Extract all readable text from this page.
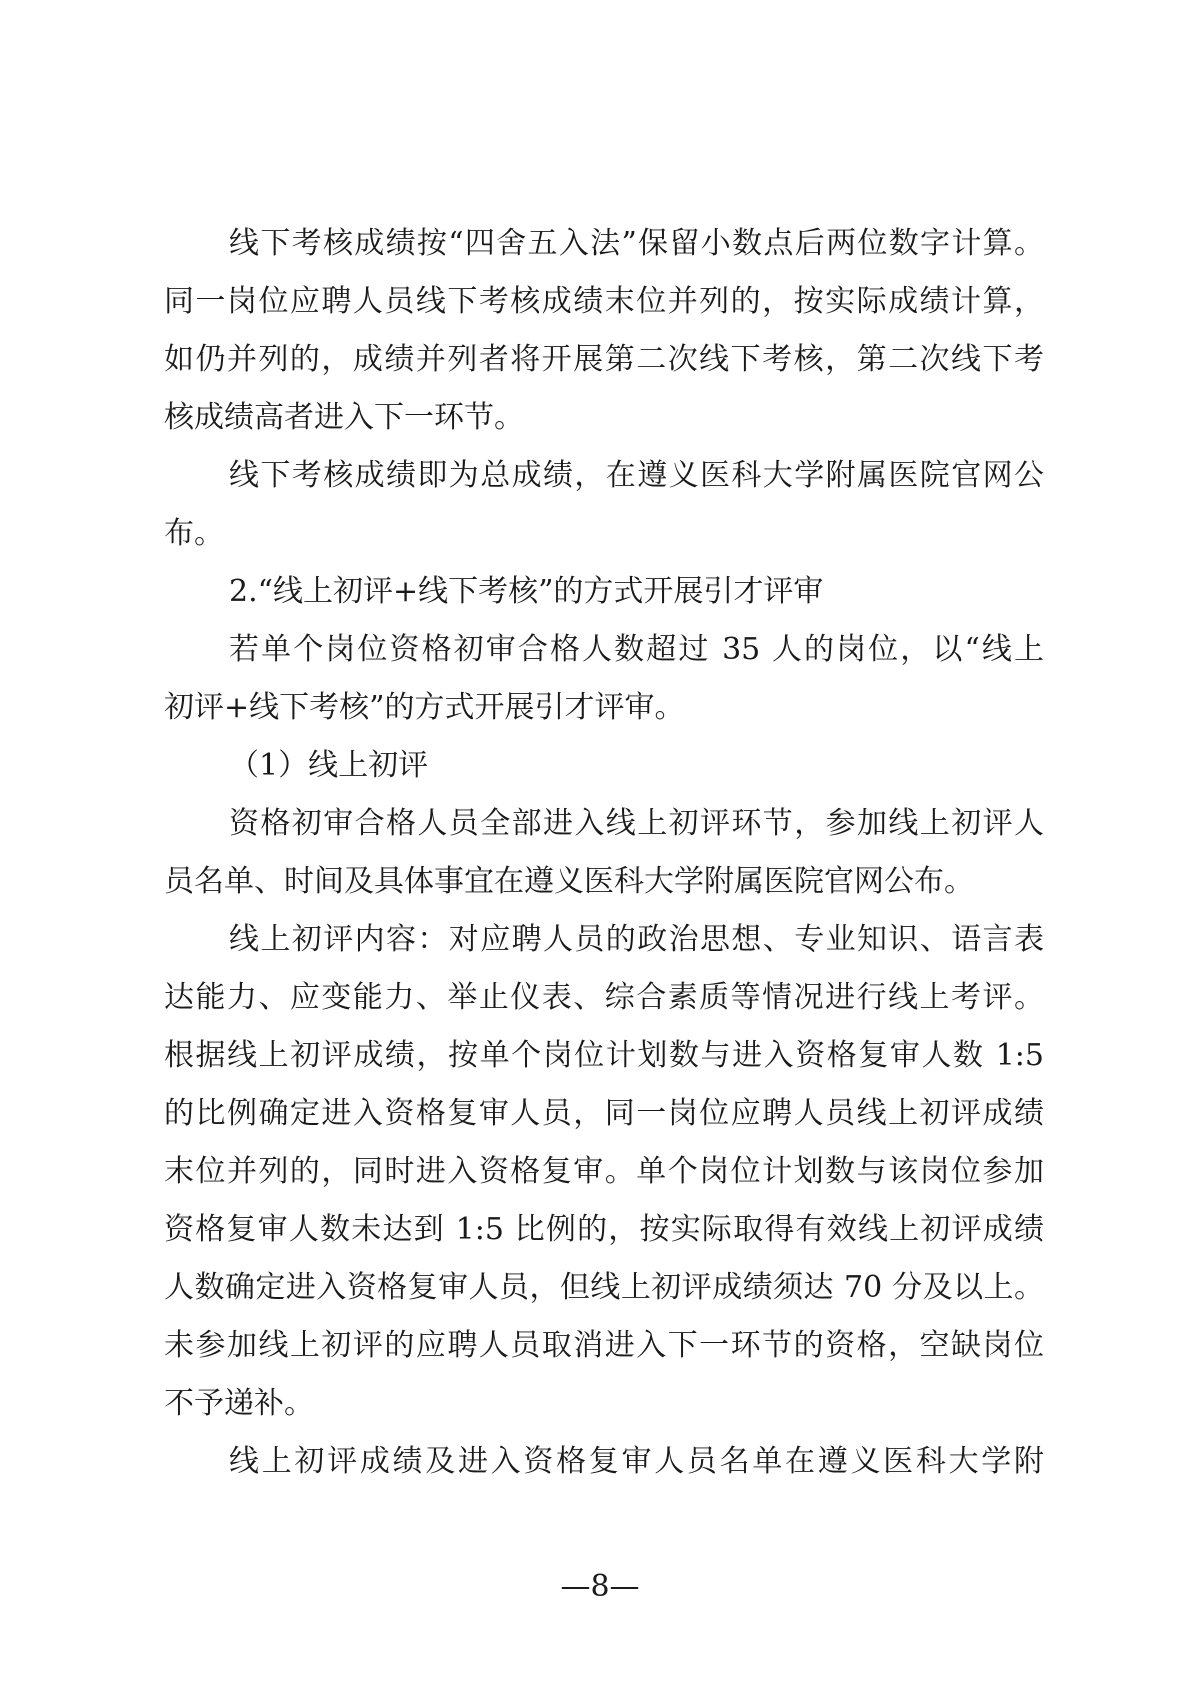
线下考核成绩按“四舍五入法”保留小数点后两位数字计算。
同一岗位应聘人员线下考核成绩末位并列的，按实际成绩计算，
如仍并列的，成绩并列者将开展第二次线下考核，第二次线下考
核成绩高者进入下一环节。
线下考核成绩即为总成绩，在遵义医科大学附属医院官网公
布。
2.“线上初评+线下考核”的方式开展引才评审
若单个岗位资格初审合格人数超过 35 人的岗位，以“线上
初评+线下考核”的方式开展引才评审。
（1）线上初评
资格初审合格人员全部进入线上初评环节，参加线上初评人
员名单、时间及具体事宜在遵义医科大学附属医院官网公布。
线上初评内容：对应聘人员的政治思想、专业知识、语言表
达能力、应变能力、举止仪表、综合素质等情况进行线上考评。
根据线上初评成绩，按单个岗位计划数与进入资格复审人数 1:5
的比例确定进入资格复审人员，同一岗位应聘人员线上初评成绩
末位并列的，同时进入资格复审。单个岗位计划数与该岗位参加
资格复审人数未达到 1:5 比例的，按实际取得有效线上初评成绩
人数确定进入资格复审人员，但线上初评成绩须达 70 分及以上。
未参加线上初评的应聘人员取消进入下一环节的资格，空缺岗位
不予递补。
线上初评成绩及进入资格复审人员名单在遵义医科大学附
—8—
